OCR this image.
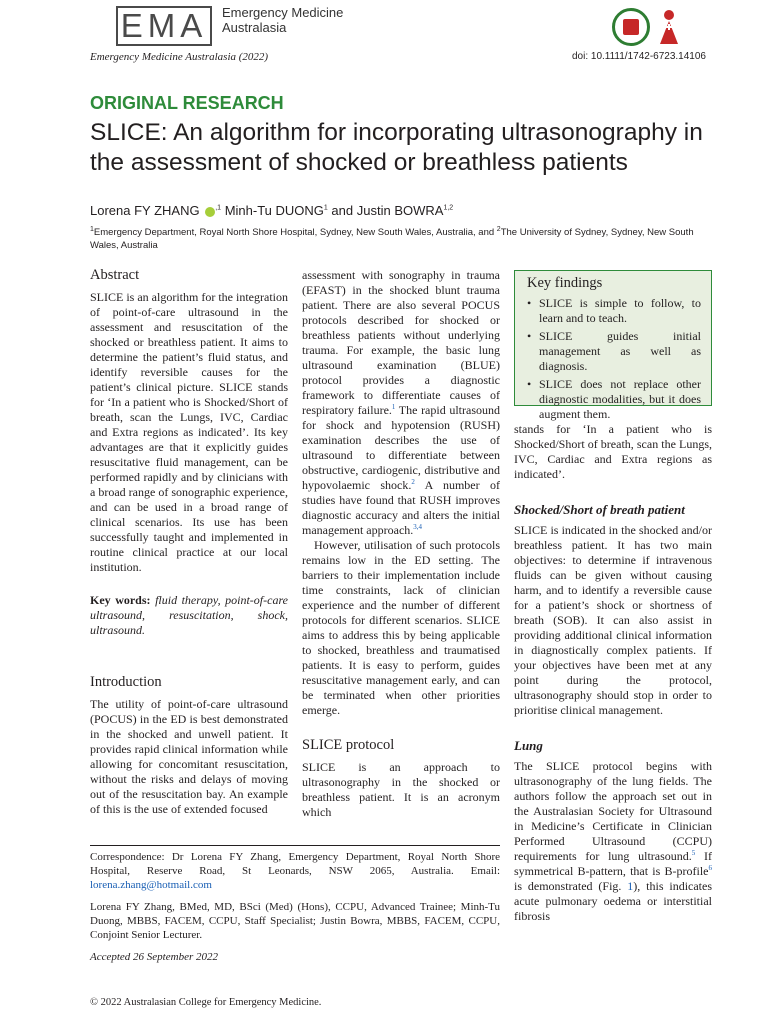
EMA Emergency Medicine
Australasia
Emergency Medicine Australasia (2022)	doi: 10.1111/1742-6723.14106
ORIGINAL RESEARCH
SLICE: An algorithm for incorporating ultrasonography in the assessment of shocked or breathless patients
Lorena FY ZHANG $^{,1}$ Minh-Tu DUONG$^1$ and Justin BOWRA$^{1,2}$
$^1$Emergency Department, Royal North Shore Hospital, Sydney, New South Wales, Australia, and $^2$The University of Sydney, Sydney, New South Wales, Australia
Abstract

SLICE is an algorithm for the integration of point-of-care ultrasound in the assessment and resuscitation of the shocked or breathless patient. It aims to determine the patient’s fluid status, and identify reversible causes for the patient’s clinical picture. SLICE stands for ‘In a patient who is Shocked/Short of breath, scan the Lungs, IVC, Cardiac and Extra regions as indicated’. Its key advantages are that it explicitly guides resuscitative fluid management, can be performed rapidly and by clinicians with a broad range of sonographic experience, and can be used in a broad range of clinical scenarios. Its use has been successfully taught and implemented in routine clinical practice at our local institution.

Key words: fluid therapy, point-of-care ultrasound, resuscitation, shock, ultrasound.

Introduction

The utility of point-of-care ultrasound (POCUS) in the ED is best demonstrated in the shocked and unwell patient. It provides rapid clinical information while allowing for concomitant resuscitation, without the risks and delays of moving out of the resuscitation bay. An example of this is the use of extended focused

assessment with sonography in trauma (EFAST) in the shocked blunt trauma patient. There are also several POCUS protocols described for shocked or breathless patients without underlying trauma. For example, the basic lung ultrasound examination (BLUE) protocol provides a diagnostic framework to differentiate causes of respiratory failure.$^1$ The rapid ultrasound for shock and hypotension (RUSH) examination describes the use of ultrasound to differentiate between obstructive, cardiogenic, distributive and hypovolaemic shock.$^2$ A number of studies have found that RUSH improves diagnostic accuracy and alters the initial management approach.$^{3,4}$

However, utilisation of such protocols remains low in the ED setting. The barriers to their implementation include time constraints, lack of clinician experience and the number of different protocols for different scenarios. SLICE aims to address this by being applicable to shocked, breathless and traumatised patients. It is easy to perform, guides resuscitative management early, and can be terminated when other priorities emerge.

SLICE protocol

SLICE is an approach to ultrasonography in the shocked or breathless patient. It is an acronym which

Key findings
• SLICE is simple to follow, to learn and to teach.
• SLICE guides initial management as well as diagnosis.
• SLICE does not replace other diagnostic modalities, but it does augment them.

stands for ‘In a patient who is Shocked/Short of breath, scan the Lungs, IVC, Cardiac and Extra regions as indicated’.

Shocked/Short of breath patient

SLICE is indicated in the shocked and/or breathless patient. It has two main objectives: to determine if intravenous fluids can be given without causing harm, and to identify a reversible cause for a patient’s shock or shortness of breath (SOB). It can also assist in providing additional clinical information in diagnostically complex patients. If your objectives have been met at any point during the protocol, ultrasonography should stop in order to prioritise clinical management.

Lung

The SLICE protocol begins with ultrasonography of the lung fields. The authors follow the approach set out in the Australasian Society for Ultrasound in Medicine’s Certificate in Clinician Performed Ultrasound (CCPU) requirements for lung ultrasound.$^5$ If symmetrical B-pattern, that is B-profile$^6$ is demonstrated (Fig. 1), this indicates acute pulmonary oedema or interstitial fibrosis

Correspondence: Dr Lorena FY Zhang, Emergency Department, Royal North Shore Hospital, Reserve Road, St Leonards, NSW 2065, Australia. Email: lorena.zhang@hotmail.com

Lorena FY Zhang, BMed, MD, BSci (Med) (Hons), CCPU, Advanced Trainee; Minh-Tu Duong, MBBS, FACEM, CCPU, Staff Specialist; Justin Bowra, MBBS, FACEM, CCPU, Conjoint Senior Lecturer.

Accepted 26 September 2022

© 2022 Australasian College for Emergency Medicine.
